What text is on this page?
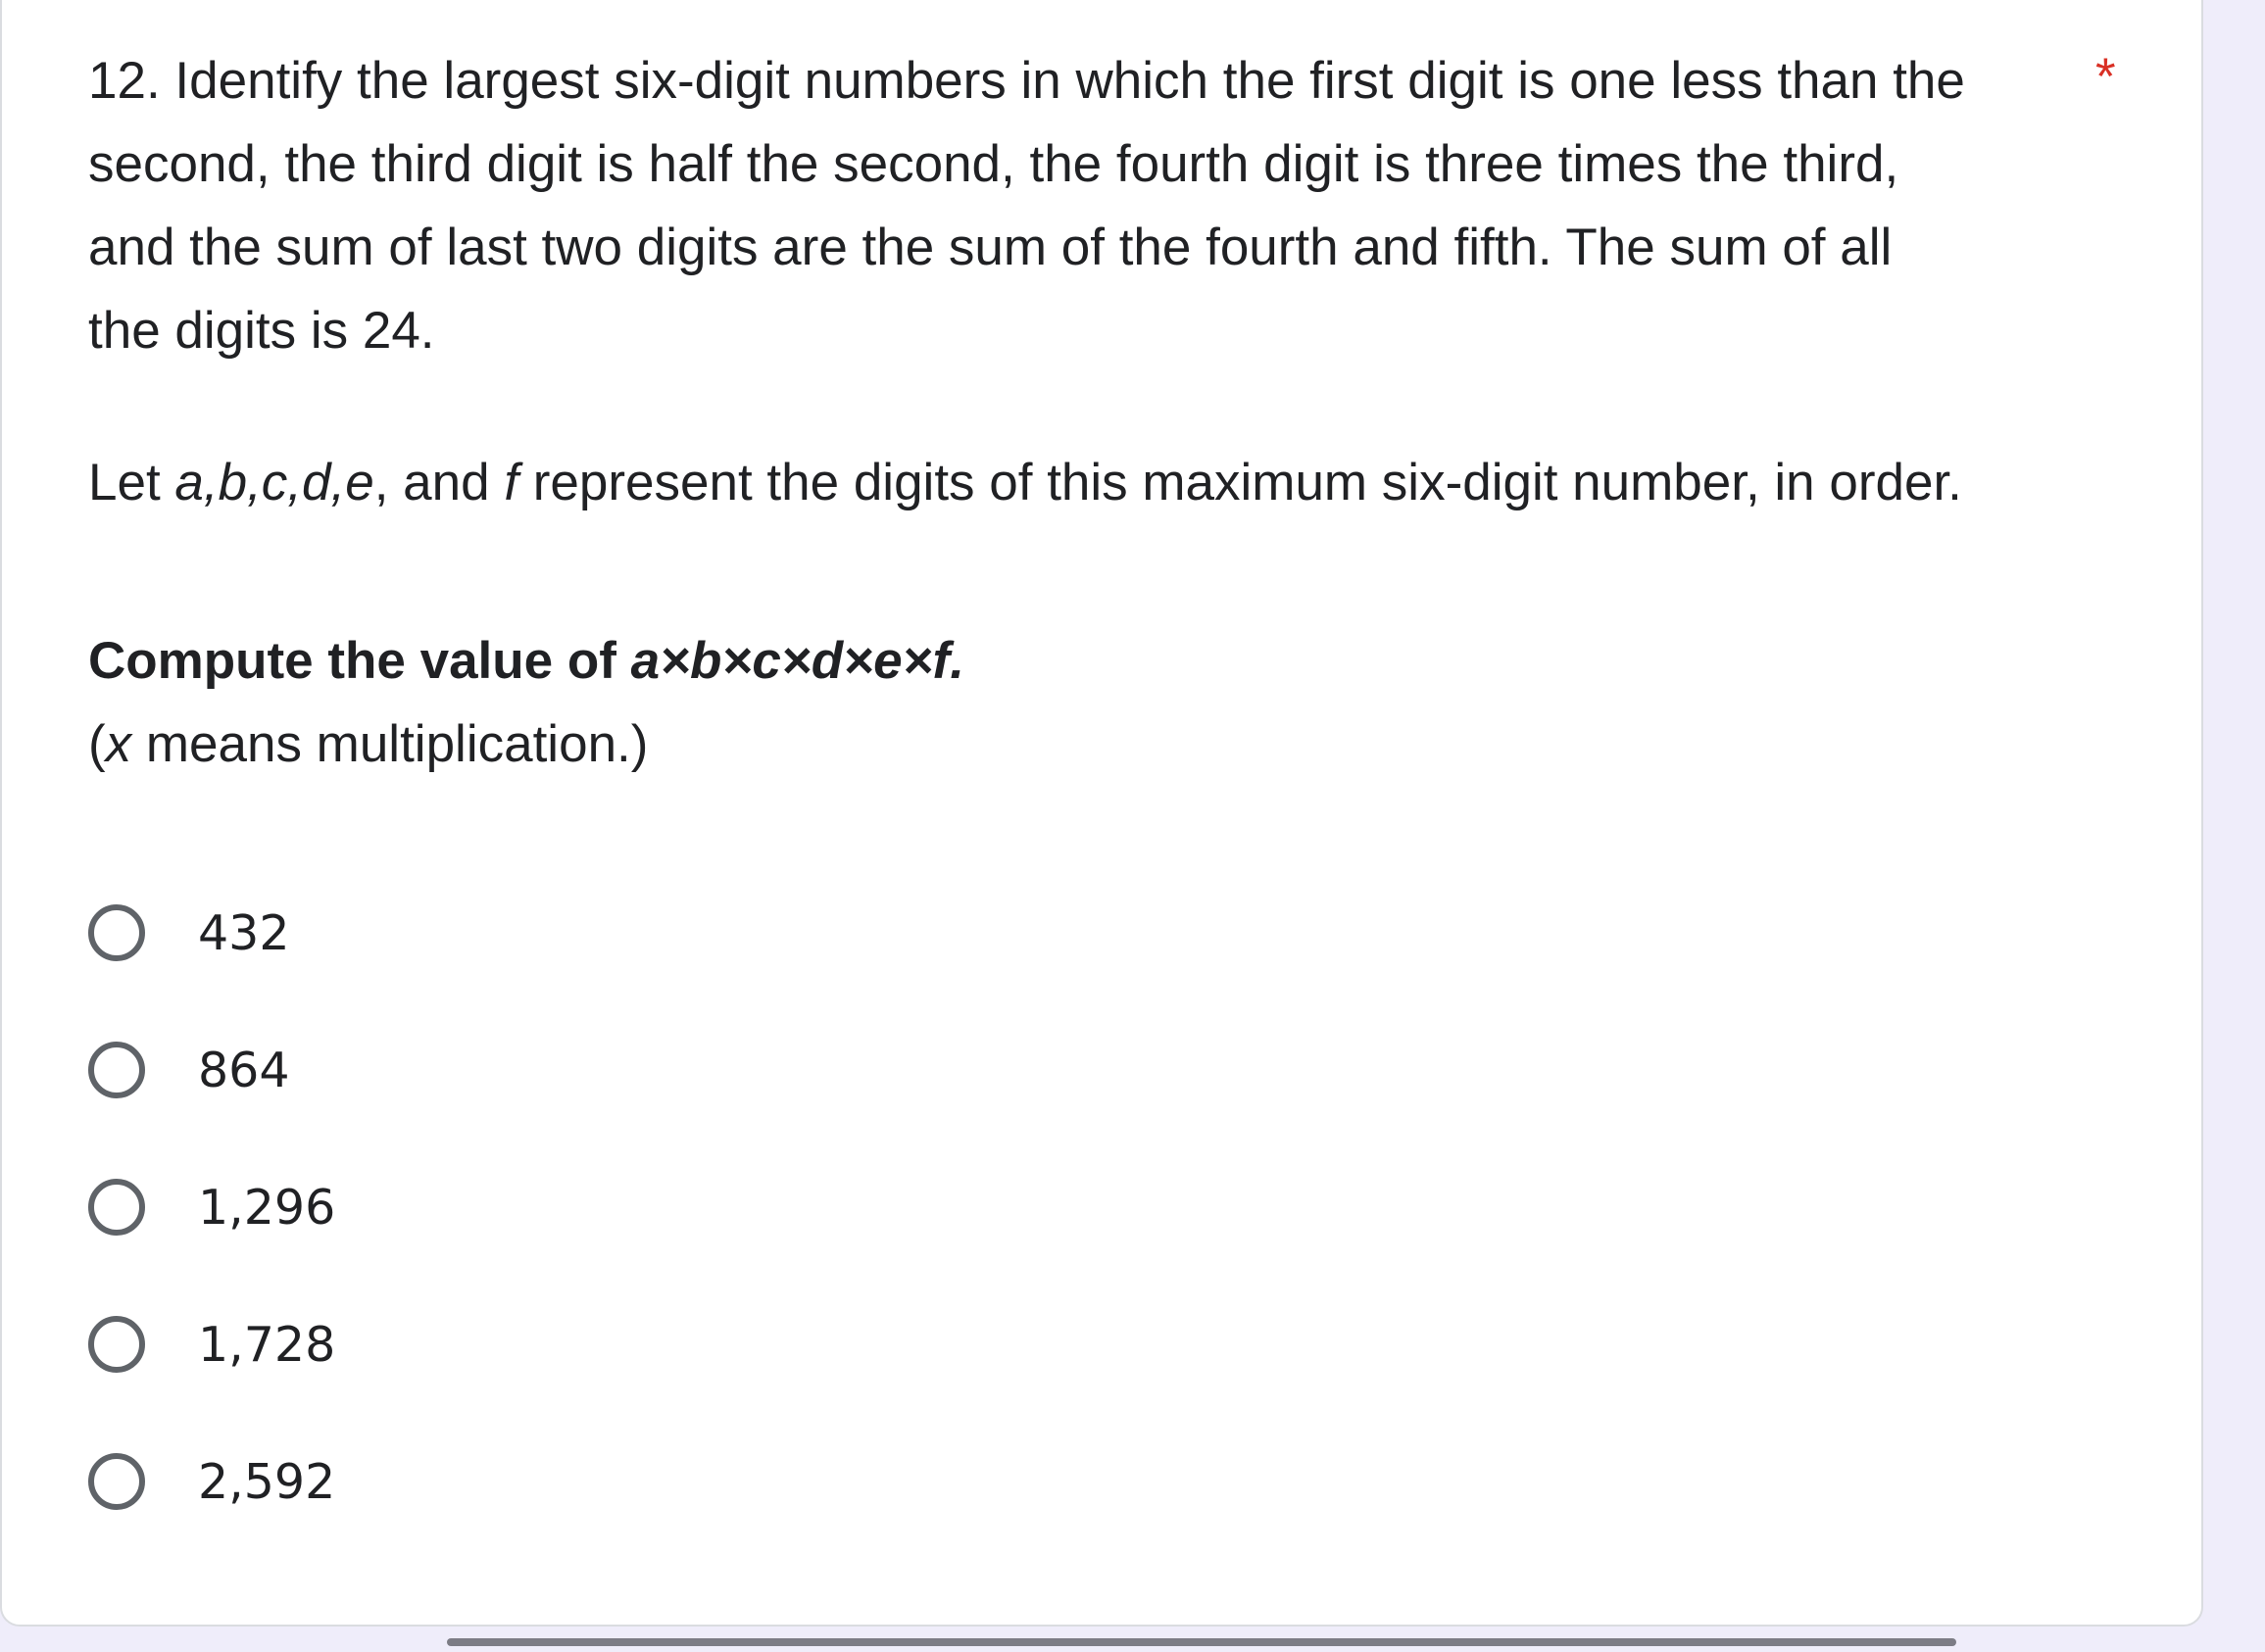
*
12. Identify the largest six-digit numbers in which the first digit is one less than the
second, the third digit is half the second, the fourth digit is three times the third,
and the sum of last two digits are the sum of the fourth and fifth. The sum of all
the digits is 24.
Let a,b,c,d,e, and f represent the digits of this maximum six-digit number, in order.
Compute the value of a×b×c×d×e×f.
(x means multiplication.)
432
864
1,296
1,728
2,592
